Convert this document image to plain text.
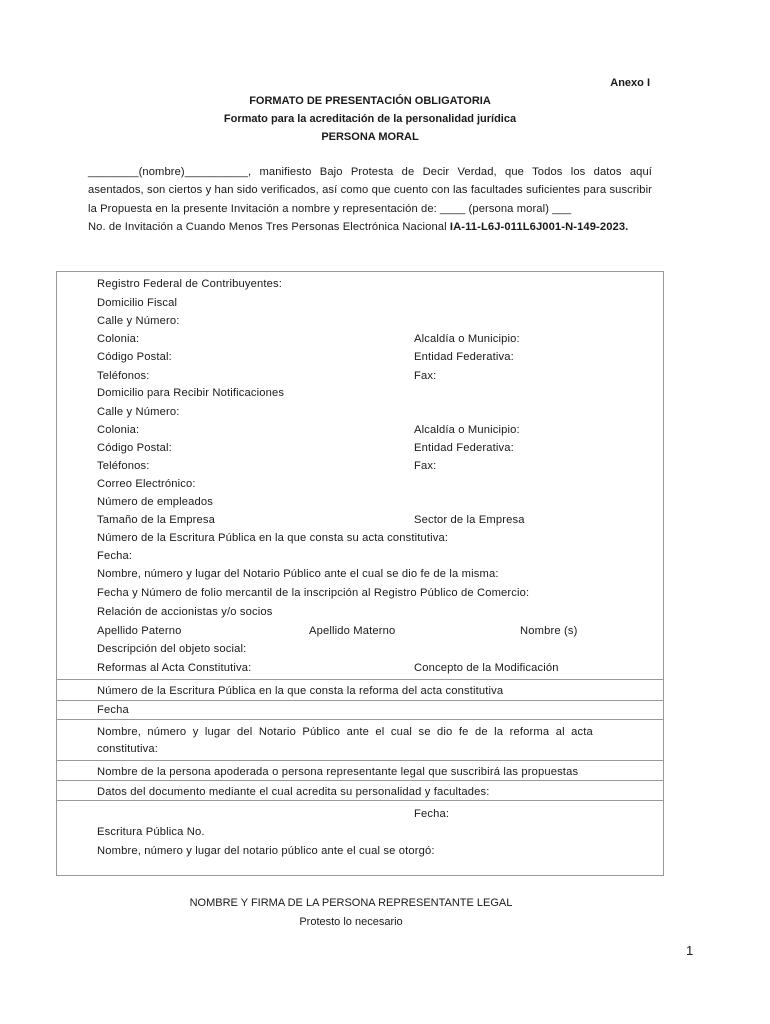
Anexo I
FORMATO DE PRESENTACIÓN OBLIGATORIA
Formato para la acreditación de la personalidad jurídica
PERSONA MORAL
________(nombre)__________, manifiesto Bajo Protesta de Decir Verdad, que Todos los datos aquí asentados, son ciertos y han sido verificados, así como que cuento con las facultades suficientes para suscribir la Propuesta en la presente Invitación a nombre y representación de: ____ (persona moral) ___
No. de Invitación a Cuando Menos Tres Personas Electrónica Nacional IA-11-L6J-011L6J001-N-149-2023.
Registro Federal de Contribuyentes:
Domicilio Fiscal
Calle y Número:
Colonia:	Alcaldía o Municipio:
Código Postal:	Entidad Federativa:
Teléfonos:	Fax:
Domicilio para Recibir Notificaciones
Calle y Número:
Colonia:	Alcaldía o Municipio:
Código Postal:	Entidad Federativa:
Teléfonos:	Fax:
Correo Electrónico:
Número de empleados
Tamaño de la Empresa	Sector de la Empresa
Número de la Escritura Pública en la que consta su acta constitutiva:
Fecha:
Nombre, número y lugar del Notario Público ante el cual se dio fe de la misma:
Fecha y Número de folio mercantil de la inscripción al Registro Público de Comercio:
Relación de accionistas y/o socios
Apellido Paterno	Apellido Materno	Nombre (s)
Descripción del objeto social:
Reformas al Acta Constitutiva:	Concepto de la Modificación
Número de la Escritura Pública en la que consta la reforma del acta constitutiva
Fecha
Nombre, número y lugar del Notario Público ante el cual se dio fe de la reforma al acta
constitutiva:
Nombre de la persona apoderada o persona representante legal que suscribirá las propuestas
Datos del documento mediante el cual acredita su personalidad y facultades:
Fecha:
Escritura Pública No.
Nombre, número y lugar del notario público ante el cual se otorgó:
NOMBRE Y FIRMA DE LA PERSONA REPRESENTANTE LEGAL
Protesto lo necesario
1
